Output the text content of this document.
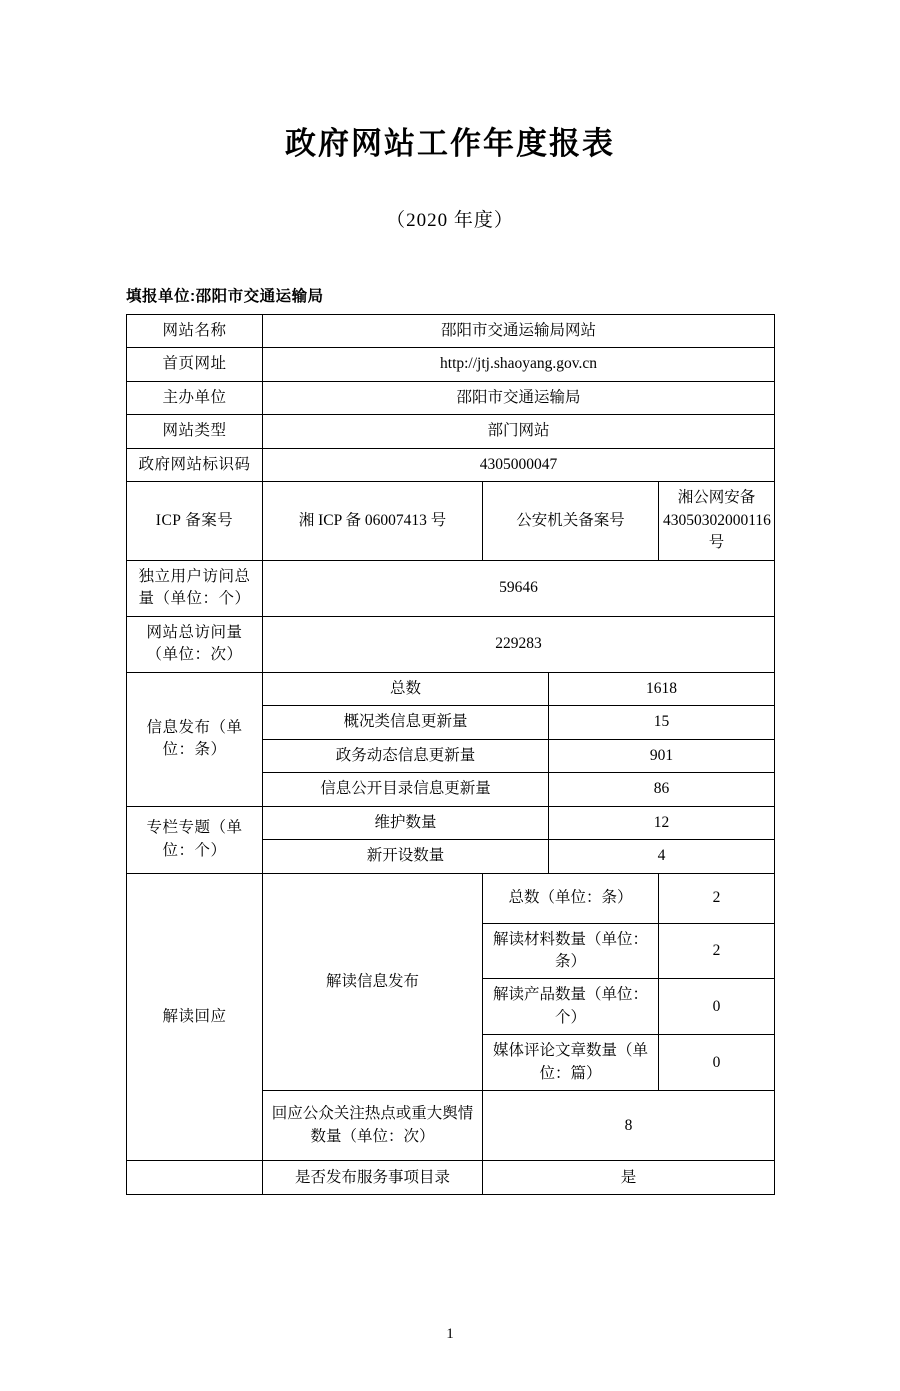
政府网站工作年度报表
（2020 年度）
填报单位:邵阳市交通运输局
网站名称	邵阳市交通运输局网站			
首页网址	http://jtj.shaoyang.gov.cn			
主办单位	邵阳市交通运输局			
网站类型	部门网站			
政府网站标识码	4305000047			
ICP 备案号	湘 ICP 备 06007413 号	公安机关备案号		湘公网安备 43050302000116 号
独立用户访问总量（单位：个）	59646			
网站总访问量（单位：次）	229283			
信息发布（单位：条）	总数		1618	
	概况类信息更新量		15	
	政务动态信息更新量		901	
	信息公开目录信息更新量		86	
专栏专题（单位：个）	维护数量		12	
	新开设数量		4	
解读回应	解读信息发布	总数（单位：条）		2
		解读材料数量（单位：条）		2
		解读产品数量（单位：个）		0
		媒体评论文章数量（单位：篇）		0
	回应公众关注热点或重大舆情数量（单位：次）	8		
	是否发布服务事项目录	是		
1
